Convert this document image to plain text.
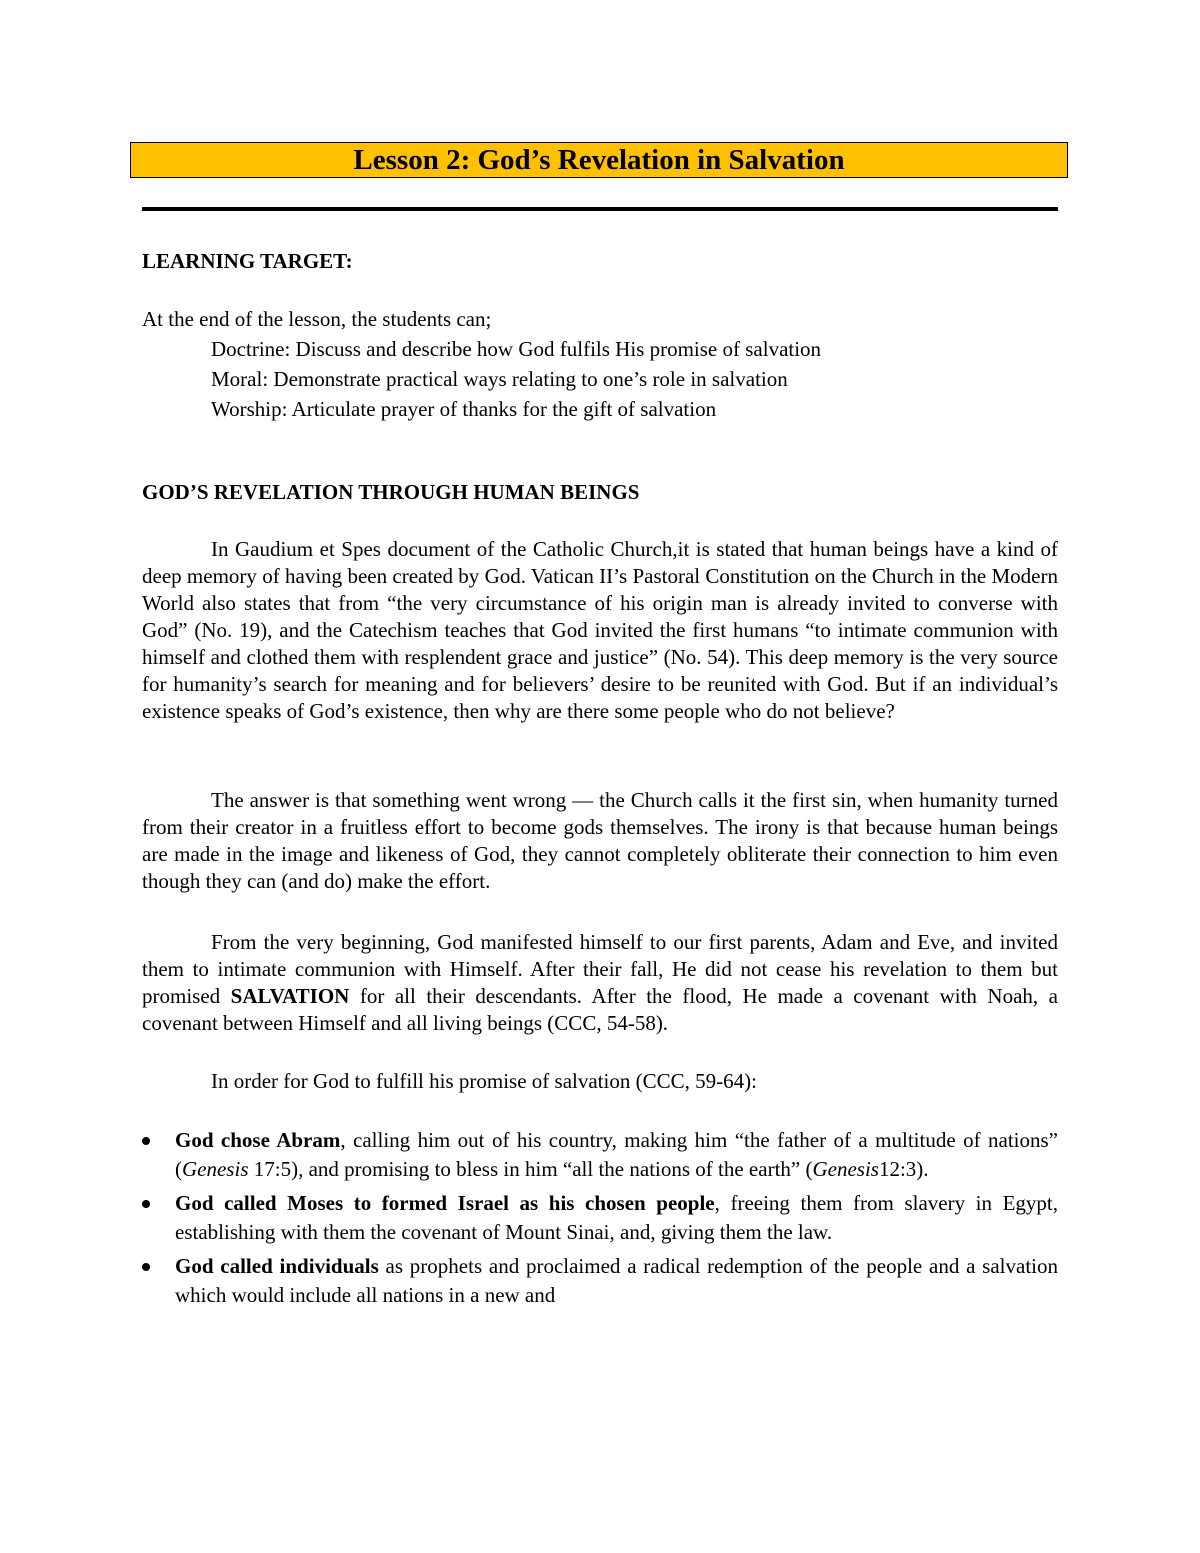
Lesson 2: God’s Revelation in Salvation

LEARNING TARGET:

At the end of the lesson, the students can;

Doctrine: Discuss and describe how God fulfils His promise of salvation

Moral: Demonstrate practical ways relating to one’s role in salvation

Worship: Articulate prayer of thanks for the gift of salvation

GOD’S REVELATION THROUGH HUMAN BEINGS

In Gaudium et Spes document of the Catholic Church,it is stated that human beings have a kind of deep memory of having been created by God. Vatican II’s Pastoral Constitution on the Church in the Modern World also states that from “the very circumstance of his origin man is already invited to converse with God” (No. 19), and the Catechism teaches that God invited the first humans “to intimate communion with himself and clothed them with resplendent grace and justice” (No. 54). This deep memory is the very source for humanity’s search for meaning and for believers’ desire to be reunited with God. But if an individual’s existence speaks of God’s existence, then why are there some people who do not believe?

The answer is that something went wrong — the Church calls it the first sin, when humanity turned from their creator in a fruitless effort to become gods themselves. The irony is that because human beings are made in the image and likeness of God, they cannot completely obliterate their connection to him even though they can (and do) make the effort.

From the very beginning, God manifested himself to our first parents, Adam and Eve, and invited them to intimate communion with Himself. After their fall, He did not cease his revelation to them but promised SALVATION for all their descendants. After the flood, He made a covenant with Noah, a covenant between Himself and all living beings (CCC, 54-58).

In order for God to fulfill his promise of salvation (CCC, 59-64):

God chose Abram, calling him out of his country, making him “the father of a multitude of nations” (Genesis 17:5), and promising to bless in him “all the nations of the earth” (Genesis12:3).
God called Moses to formed Israel as his chosen people, freeing them from slavery in Egypt, establishing with them the covenant of Mount Sinai, and, giving them the law.
God called individuals as prophets and proclaimed a radical redemption of the people and a salvation which would include all nations in a new and
